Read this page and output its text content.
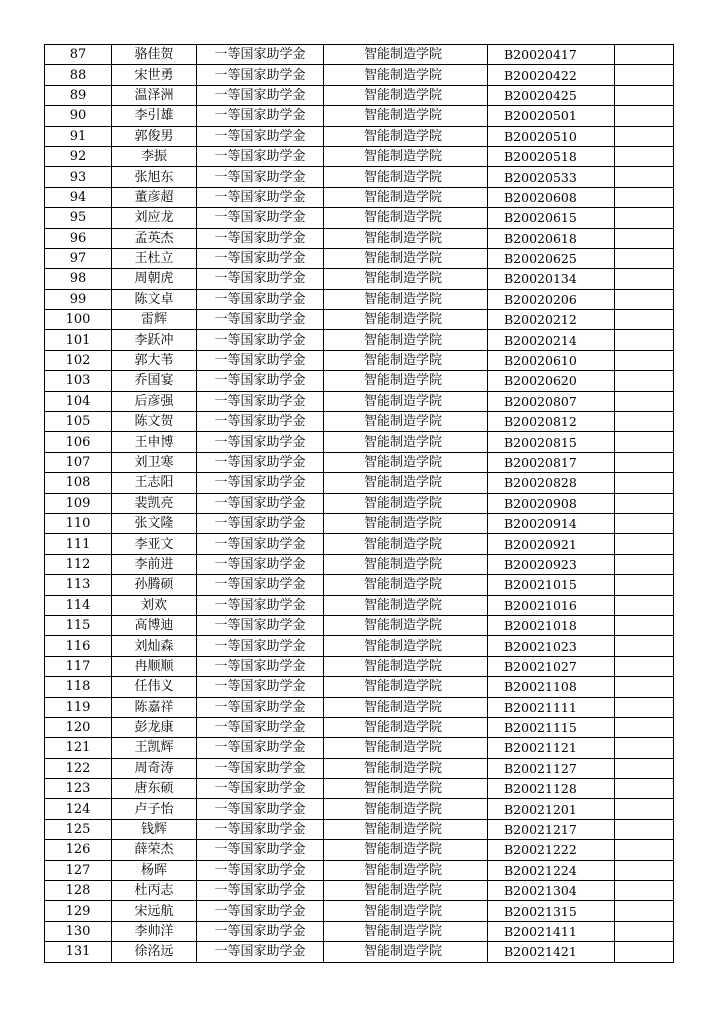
87	骆佳贺	一等国家助学金	智能制造学院	B20020417	
88	宋世勇	一等国家助学金	智能制造学院	B20020422	
89	温泽洲	一等国家助学金	智能制造学院	B20020425	
90	李引雄	一等国家助学金	智能制造学院	B20020501	
91	郭俊男	一等国家助学金	智能制造学院	B20020510	
92	李振	一等国家助学金	智能制造学院	B20020518	
93	张旭东	一等国家助学金	智能制造学院	B20020533	
94	董彦超	一等国家助学金	智能制造学院	B20020608	
95	刘应龙	一等国家助学金	智能制造学院	B20020615	
96	孟英杰	一等国家助学金	智能制造学院	B20020618	
97	王杜立	一等国家助学金	智能制造学院	B20020625	
98	周朝虎	一等国家助学金	智能制造学院	B20020134	
99	陈文卓	一等国家助学金	智能制造学院	B20020206	
100	雷辉	一等国家助学金	智能制造学院	B20020212	
101	李跃冲	一等国家助学金	智能制造学院	B20020214	
102	郭大苇	一等国家助学金	智能制造学院	B20020610	
103	乔国宴	一等国家助学金	智能制造学院	B20020620	
104	后彦强	一等国家助学金	智能制造学院	B20020807	
105	陈文贺	一等国家助学金	智能制造学院	B20020812	
106	王申博	一等国家助学金	智能制造学院	B20020815	
107	刘卫寒	一等国家助学金	智能制造学院	B20020817	
108	王志阳	一等国家助学金	智能制造学院	B20020828	
109	裴凯亮	一等国家助学金	智能制造学院	B20020908	
110	张文隆	一等国家助学金	智能制造学院	B20020914	
111	李亚文	一等国家助学金	智能制造学院	B20020921	
112	李前进	一等国家助学金	智能制造学院	B20020923	
113	孙腾硕	一等国家助学金	智能制造学院	B20021015	
114	刘欢	一等国家助学金	智能制造学院	B20021016	
115	高博迪	一等国家助学金	智能制造学院	B20021018	
116	刘灿森	一等国家助学金	智能制造学院	B20021023	
117	冉顺顺	一等国家助学金	智能制造学院	B20021027	
118	任伟义	一等国家助学金	智能制造学院	B20021108	
119	陈嘉祥	一等国家助学金	智能制造学院	B20021111	
120	彭龙康	一等国家助学金	智能制造学院	B20021115	
121	王凯辉	一等国家助学金	智能制造学院	B20021121	
122	周奇涛	一等国家助学金	智能制造学院	B20021127	
123	唐东硕	一等国家助学金	智能制造学院	B20021128	
124	卢子怡	一等国家助学金	智能制造学院	B20021201	
125	钱辉	一等国家助学金	智能制造学院	B20021217	
126	薛荣杰	一等国家助学金	智能制造学院	B20021222	
127	杨晖	一等国家助学金	智能制造学院	B20021224	
128	杜丙志	一等国家助学金	智能制造学院	B20021304	
129	宋远航	一等国家助学金	智能制造学院	B20021315	
130	李帅洋	一等国家助学金	智能制造学院	B20021411	
131	徐洺远	一等国家助学金	智能制造学院	B20021421	
